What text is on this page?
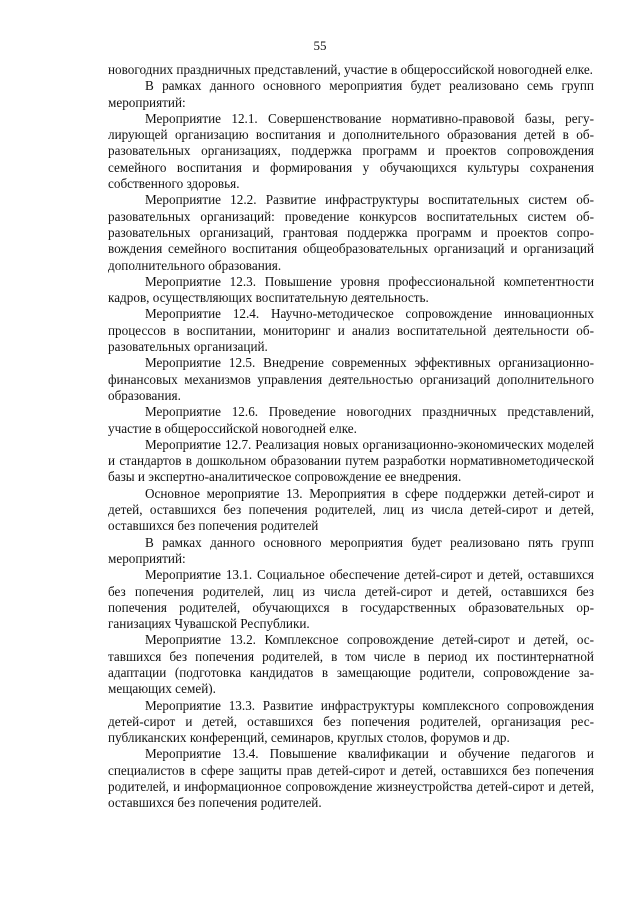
55

новогодних праздничных представлений, участие в общероссийской новогодней елке.

В рамках данного основного мероприятия будет реализовано семь групп мероприятий:

Мероприятие 12.1. Совершенствование нормативно-правовой базы, регулирующей организацию воспитания и дополнительного образования детей в образовательных организациях, поддержка программ и проектов сопровождения семейного воспитания и формирования у обучающихся культуры сохранения собственного здоровья.

Мероприятие 12.2. Развитие инфраструктуры воспитательных систем образовательных организаций: проведение конкурсов воспитательных систем образовательных организаций, грантовая поддержка программ и проектов сопровождения семейного воспитания общеобразовательных организаций и организаций дополнительного образования.

Мероприятие 12.3. Повышение уровня профессиональной компетентности кадров, осуществляющих воспитательную деятельность.

Мероприятие 12.4. Научно-методическое сопровождение инновационных процессов в воспитании, мониторинг и анализ воспитательной деятельности образовательных организаций.

Мероприятие 12.5. Внедрение современных эффективных организационно-финансовых механизмов управления деятельностью организаций дополнительного образования.

Мероприятие 12.6. Проведение новогодних праздничных представлений, участие в общероссийской новогодней елке.

Мероприятие 12.7. Реализация новых организационно-экономических моделей и стандартов в дошкольном образовании путем разработки нормативнометодической базы и экспертно-аналитическое сопровождение ее внедрения.

Основное мероприятие 13. Мероприятия в сфере поддержки детей-сирот и детей, оставшихся без попечения родителей, лиц из числа детей-сирот и детей, оставшихся без попечения родителей

В рамках данного основного мероприятия будет реализовано пять групп мероприятий:

Мероприятие 13.1. Социальное обеспечение детей-сирот и детей, оставшихся без попечения родителей, лиц из числа детей-сирот и детей, оставшихся без попечения родителей, обучающихся в государственных образовательных организациях Чувашской Республики.

Мероприятие 13.2. Комплексное сопровождение детей-сирот и детей, оставшихся без попечения родителей, в том числе в период их постинтернатной адаптации (подготовка кандидатов в замещающие родители, сопровождение замещающих семей).

Мероприятие 13.3. Развитие инфраструктуры комплексного сопровождения детей-сирот и детей, оставшихся без попечения родителей, организация республиканских конференций, семинаров, круглых столов, форумов и др.

Мероприятие 13.4. Повышение квалификации и обучение педагогов и специалистов в сфере защиты прав детей-сирот и детей, оставшихся без попечения родителей, и информационное сопровождение жизнеустройства детей-сирот и детей, оставшихся без попечения родителей.
